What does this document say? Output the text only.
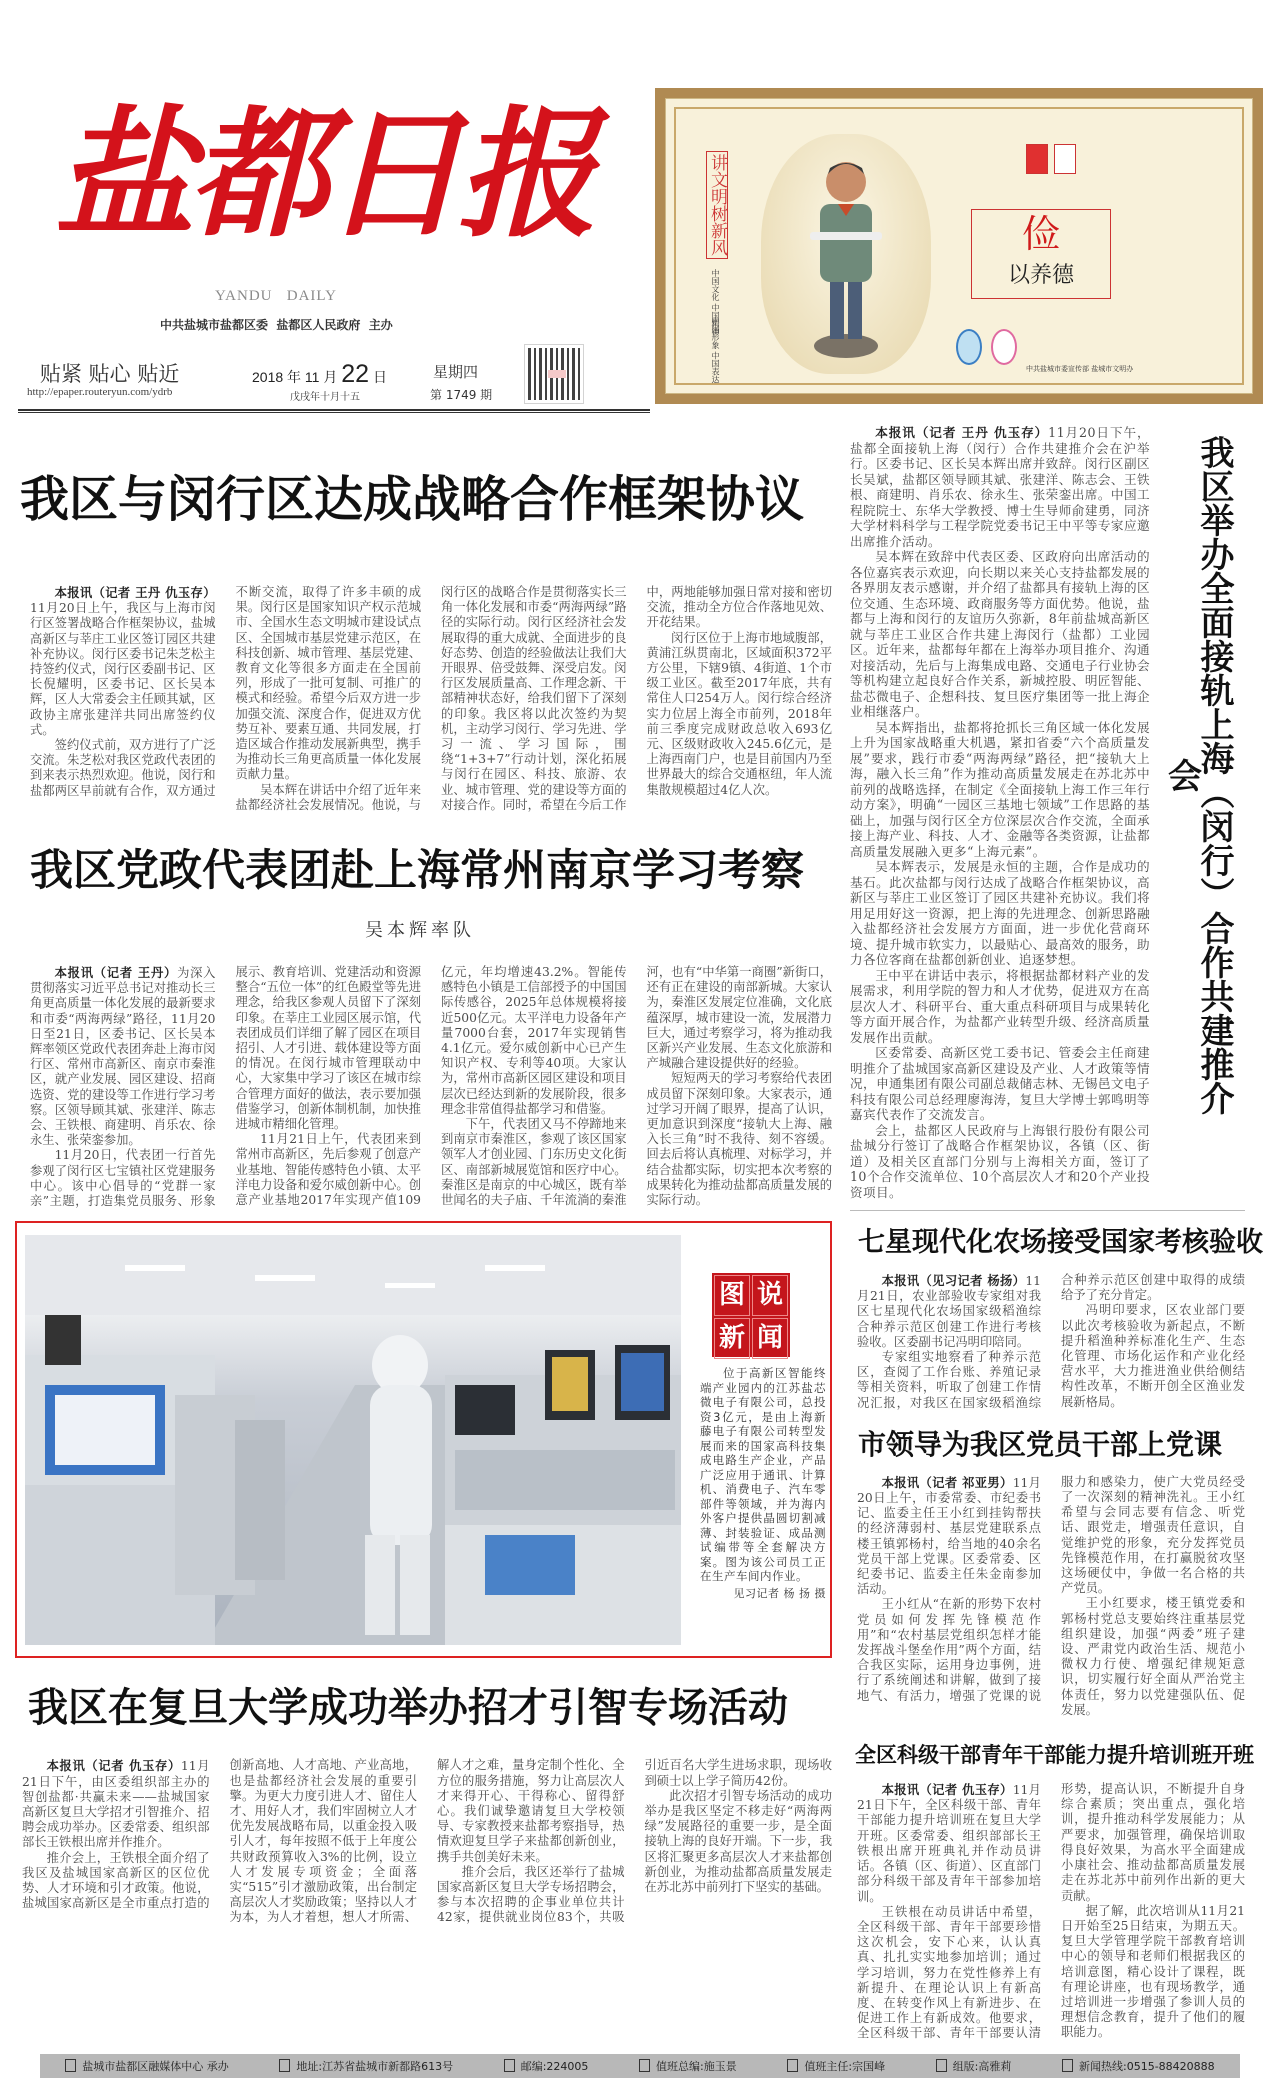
盐都日报
YANDU   DAILY
中共盐城市盐都区委  盐都区人民政府  主办
贴紧 贴心 贴近
http://epaper.routeryun.com/ydrb
2018 年 11 月 22 日
戊戌年十月十五
星期四
第 1749 期
讲文明树新风
中国文化 中国精神
中国形象 中国表达
俭
以养德
中共盐城市委宣传部 盐城市文明办
我区与闵行区达成战略合作框架协议

本报讯（记者 王丹 仇玉存）11月20日上午，我区与上海市闵行区签署战略合作框架协议，盐城高新区与莘庄工业区签订园区共建补充协议。闵行区委书记朱芝松主持签约仪式，闵行区委副书记、区长倪耀明，区委书记、区长吴本辉，区人大常委会主任顾其斌，区政协主席张建洋共同出席签约仪式。

签约仪式前，双方进行了广泛交流。朱芝松对我区党政代表团的到来表示热烈欢迎。他说，闵行和盐都两区早前就有合作，双方通过不断交流，取得了许多丰硕的成果。闵行区是国家知识产权示范城市、全国水生态文明城市建设试点区、全国城市基层党建示范区，在科技创新、城市管理、基层党建、教育文化等很多方面走在全国前列，形成了一批可复制、可推广的模式和经验。希望今后双方进一步加强交流、深度合作，促进双方优势互补、要素互通、共同发展，打造区域合作推动发展新典型，携手为推动长三角更高质量一体化发展贡献力量。

吴本辉在讲话中介绍了近年来盐都经济社会发展情况。他说，与闵行区的战略合作是贯彻落实长三角一体化发展和市委“两海两绿”路径的实际行动。闵行区经济社会发展取得的重大成就、全面进步的良好态势、创造的经验做法让我们大开眼界、倍受鼓舞、深受启发。闵行区发展质量高、工作理念新、干部精神状态好，给我们留下了深刻的印象。我区将以此次签约为契机，主动学习闵行、学习先进、学习一流、学习国际，围绕“1+3+7”行动计划，深化拓展与闵行在园区、科技、旅游、农业、城市管理、党的建设等方面的对接合作。同时，希望在今后工作中，两地能够加强日常对接和密切交流，推动全方位合作落地见效、开花结果。

闵行区位于上海市地域腹部，黄浦江纵贯南北，区域面积372平方公里，下辖9镇、4街道、1个市级工业区。截至2017年底，共有常住人口254万人。闵行综合经济实力位居上海全市前列，2018年前三季度完成财政总收入693亿元、区级财政收入245.6亿元，是上海西南门户，也是目前国内乃至世界最大的综合交通枢纽，年人流集散规模超过4亿人次。

我区党政代表团赴上海常州南京学习考察
吴本辉率队

本报讯（记者 王丹）为深入贯彻落实习近平总书记对推动长三角更高质量一体化发展的最新要求和市委“两海两绿”路径，11月20日至21日，区委书记、区长吴本辉率领区党政代表团奔赴上海市闵行区、常州市高新区、南京市秦淮区，就产业发展、园区建设、招商选资、党的建设等工作进行学习考察。区领导顾其斌、张建洋、陈志会、王铁根、商建明、肖乐农、徐永生、张荣銮参加。

11月20日，代表团一行首先参观了闵行区七宝镇社区党建服务中心。该中心倡导的“党群一家亲”主题，打造集党员服务、形象展示、教育培训、党建活动和资源整合“五位一体”的红色殿堂等先进理念，给我区参观人员留下了深刻印象。在莘庄工业园区展示馆，代表团成员们详细了解了园区在项目招引、人才引进、载体建设等方面的情况。在闵行城市管理联动中心，大家集中学习了该区在城市综合管理方面好的做法，表示要加强借鉴学习，创新体制机制，加快推进城市精细化管理。

11月21日上午，代表团来到常州市高新区，先后参观了创意产业基地、智能传感特色小镇、太平洋电力设备和爱尔威创新中心。创意产业基地2017年实现产值109亿元，年均增速43.2%。智能传感特色小镇是工信部授予的中国国际传感谷，2025年总体规模将接近500亿元。太平洋电力设备年产量7000台套，2017年实现销售4.1亿元。爱尔威创新中心已产生知识产权、专利等40项。大家认为，常州市高新区园区建设和项目层次已经达到新的发展阶段，很多理念非常值得盐都学习和借鉴。

下午，代表团又马不停蹄地来到南京市秦淮区，参观了该区国家领军人才创业园、门东历史文化街区、南部新城展览馆和医疗中心。秦淮区是南京的中心城区，既有举世闻名的夫子庙、千年流淌的秦淮河，也有“中华第一商圈”新街口，还有正在建设的南部新城。大家认为，秦淮区发展定位准确，文化底蕴深厚，城市建设一流，发展潜力巨大，通过考察学习，将为推动我区新兴产业发展、生态文化旅游和产城融合建设提供好的经验。

短短两天的学习考察给代表团成员留下深刻印象。大家表示，通过学习开阔了眼界，提高了认识，更加意识到深度“接轨大上海、融入长三角”时不我待、刻不容缓。回去后将认真梳理、对标学习，并结合盐都实际，切实把本次考察的成果转化为推动盐都高质量发展的实际行动。

图 说
新 闻

位于高新区智能终端产业园内的江苏盐芯微电子有限公司，总投资3亿元，是由上海新藤电子有限公司转型发展而来的国家高科技集成电路生产企业，产品广泛应用于通讯、计算机、消费电子、汽车零部件等领域，并为海内外客户提供晶圆切割减薄、封装验证、成品测试编带等全套解决方案。图为该公司员工正在生产车间内作业。

见习记者 杨 扬 摄
我区在复旦大学成功举办招才引智专场活动

本报讯（记者 仇玉存）11月21日下午，由区委组织部主办的智创盐都·共赢未来——盐城国家高新区复旦大学招才引智推介、招聘会成功举办。区委常委、组织部部长王铁根出席并作推介。

推介会上，王铁根全面介绍了我区及盐城国家高新区的区位优势、人才环境和引才政策。他说，盐城国家高新区是全市重点打造的创新高地、人才高地、产业高地，也是盐都经济社会发展的重要引擎。为更大力度引进人才、留住人才、用好人才，我们牢固树立人才优先发展战略布局，以重金投入吸引人才，每年按照不低于上年度公共财政预算收入3%的比例，设立人才发展专项资金；全面落实“515”引才激励政策，出台制定高层次人才奖励政策；坚持以人才为本，为人才着想，想人才所需、解人才之难，量身定制个性化、全方位的服务措施，努力让高层次人才来得开心、干得称心、留得舒心。我们诚挚邀请复旦大学校领导、专家教授来盐都考察指导，热情欢迎复旦学子来盐都创新创业，携手共创美好未来。

推介会后，我区还举行了盐城国家高新区复旦大学专场招聘会，参与本次招聘的企事业单位共计42家，提供就业岗位83个，共吸引近百名大学生进场求职，现场收到硕士以上学子简历42份。

此次招才引智专场活动的成功举办是我区坚定不移走好“两海两绿”发展路径的重要一步，是全面接轨上海的良好开端。下一步，我区将汇聚更多高层次人才来盐都创新创业，为推动盐都高质量发展走在苏北苏中前列打下坚实的基础。

本报讯（记者 王丹 仇玉存）11月20日下午，盐都全面接轨上海（闵行）合作共建推介会在沪举行。区委书记、区长吴本辉出席并致辞。闵行区副区长吴斌，盐都区领导顾其斌、张建洋、陈志会、王铁根、商建明、肖乐农、徐永生、张荣銮出席。中国工程院院士、东华大学教授、博士生导师俞建勇，同济大学材料科学与工程学院党委书记王中平等专家应邀出席推介活动。

吴本辉在致辞中代表区委、区政府向出席活动的各位嘉宾表示欢迎，向长期以来关心支持盐都发展的各界朋友表示感谢，并介绍了盐都具有接轨上海的区位交通、生态环境、政商服务等方面优势。他说，盐都与上海和闵行的友谊历久弥新，8年前盐城高新区就与莘庄工业区合作共建上海闵行（盐都）工业园区。近年来，盐都每年都在上海举办项目推介、沟通对接活动，先后与上海集成电路、交通电子行业协会等机构建立起良好合作关系，新城控股、明匠智能、盐芯微电子、企想科技、复旦医疗集团等一批上海企业相继落户。

吴本辉指出，盐都将抢抓长三角区域一体化发展上升为国家战略重大机遇，紧扣省委“六个高质量发展”要求，践行市委“两海两绿”路径，把“接轨大上海，融入长三角”作为推动高质量发展走在苏北苏中前列的战略选择，在制定《全面接轨上海工作三年行动方案》，明确“一园区三基地七领域”工作思路的基础上，加强与闵行区全方位深层次合作交流，全面承接上海产业、科技、人才、金融等各类资源，让盐都高质量发展融入更多“上海元素”。

吴本辉表示，发展是永恒的主题，合作是成功的基石。此次盐都与闵行达成了战略合作框架协议，高新区与莘庄工业区签订了园区共建补充协议。我们将用足用好这一资源，把上海的先进理念、创新思路融入盐都经济社会发展方方面面，进一步优化营商环境、提升城市软实力，以最贴心、最高效的服务，助力各位客商在盐都创新创业、追逐梦想。

王中平在讲话中表示，将根据盐都材料产业的发展需求，利用学院的智力和人才优势，促进双方在高层次人才、科研平台、重大重点科研项目与成果转化等方面开展合作，为盐都产业转型升级、经济高质量发展作出贡献。

区委常委、高新区党工委书记、管委会主任商建明推介了盐城国家高新区建设及产业、人才政策等情况，申通集团有限公司副总裁储志林、无锡邑文电子科技有限公司总经理廖海涛，复旦大学博士郭鸣明等嘉宾代表作了交流发言。

会上，盐都区人民政府与上海银行股份有限公司盐城分行签订了战略合作框架协议，各镇（区、街道）及相关区直部门分别与上海相关方面，签订了10个合作交流单位、10个高层次人才和20个产业投资项目。

我区举办全面接轨上海（闵行）合作共建推介会
七星现代化农场接受国家考核验收

本报讯（见习记者 杨扬）11月21日，农业部验收专家组对我区七星现代化农场国家级稻渔综合种养示范区创建工作进行考核验收。区委副书记冯明印陪同。

专家组实地察看了种养示范区，查阅了工作台账、养殖记录等相关资料，听取了创建工作情况汇报，对我区在国家级稻渔综合种养示范区创建中取得的成绩给予了充分肯定。

冯明印要求，区农业部门要以此次考核验收为新起点，不断提升稻渔种养标准化生产、生态化管理、市场化运作和产业化经营水平，大力推进渔业供给侧结构性改革，不断开创全区渔业发展新格局。

市领导为我区党员干部上党课

本报讯（记者 祁亚男）11月20日上午，市委常委、市纪委书记、监委主任王小红到挂钩帮扶的经济薄弱村、基层党建联系点楼王镇郭杨村，给当地的40余名党员干部上党课。区委常委、区纪委书记、监委主任朱金南参加活动。

王小红从“在新的形势下农村党员如何发挥先锋模范作用”和“农村基层党组织怎样才能发挥战斗堡垒作用”两个方面，结合我区实际，运用身边事例，进行了系统阐述和讲解，做到了接地气、有活力，增强了党课的说服力和感染力，使广大党员经受了一次深刻的精神洗礼。王小红希望与会同志要有信念、听党话、跟党走，增强责任意识，自觉维护党的形象，充分发挥党员先锋模范作用，在打赢脱贫攻坚这场硬仗中，争做一名合格的共产党员。

王小红要求，楼王镇党委和郭杨村党总支要始终注重基层党组织建设，加强“两委”班子建设、严肃党内政治生活、规范小微权力行使、增强纪律规矩意识，切实履行好全面从严治党主体责任，努力以党建强队伍、促发展。

全区科级干部青年干部能力提升培训班开班

本报讯（记者 仇玉存）11月21日下午，全区科级干部、青年干部能力提升培训班在复旦大学开班。区委常委、组织部部长王铁根出席开班典礼并作动员讲话。各镇（区、街道）、区直部门部分科级干部及青年干部参加培训。

王铁根在动员讲话中希望，全区科级干部、青年干部要珍惜这次机会，安下心来，认认真真、扎扎实实地参加培训；通过学习培训，努力在党性修养上有新提升、在理论认识上有新高度、在转变作风上有新进步、在促进工作上有新成效。他要求，全区科级干部、青年干部要认清形势，提高认识，不断提升自身综合素质；突出重点，强化培训，提升推动科学发展能力；从严要求，加强管理，确保培训取得良好效果，为高水平全面建成小康社会、推动盐都高质量发展走在苏北苏中前列作出新的更大贡献。

据了解，此次培训从11月21日开始至25日结束，为期五天。复旦大学管理学院干部教育培训中心的领导和老师们根据我区的培训意图，精心设计了课程，既有理论讲座，也有现场教学，通过培训进一步增强了参训人员的理想信念教育，提升了他们的履职能力。

盐城市盐都区融媒体中心 承办	地址:江苏省盐城市新都路613号	邮编:224005	值班总编:施玉景	值班主任:宗国峰	组版:高雅莉	新闻热线:0515-88420888
